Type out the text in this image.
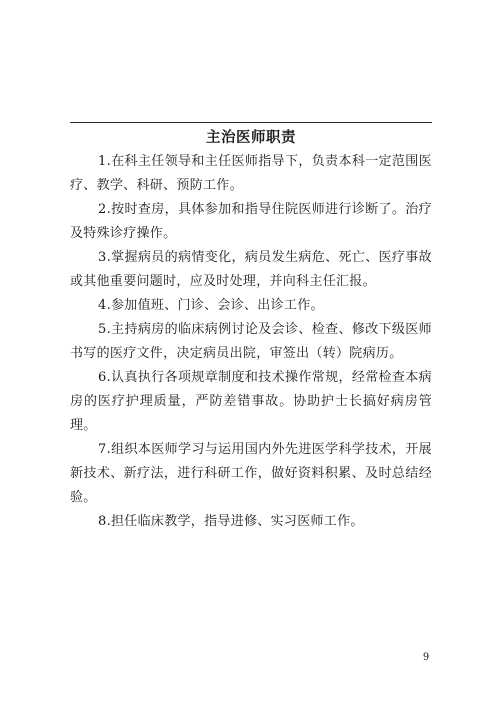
主治医师职责

1.在科主任领导和主任医师指导下，负责本科一定范围医疗、教学、科研、预防工作。

2.按时查房，具体参加和指导住院医师进行诊断了。治疗及特殊诊疗操作。

3.掌握病员的病情变化，病员发生病危、死亡、医疗事故或其他重要问题时，应及时处理，并向科主任汇报。

4.参加值班、门诊、会诊、出诊工作。

5.主持病房的临床病例讨论及会诊、检查、修改下级医师书写的医疗文件，决定病员出院，审签出（转）院病历。

6.认真执行各项规章制度和技术操作常规，经常检查本病房的医疗护理质量，严防差错事故。协助护士长搞好病房管理。

7.组织本医师学习与运用国内外先进医学科学技术，开展新技术、新疗法，进行科研工作，做好资料积累、及时总结经验。

8.担任临床教学，指导进修、实习医师工作。

9
